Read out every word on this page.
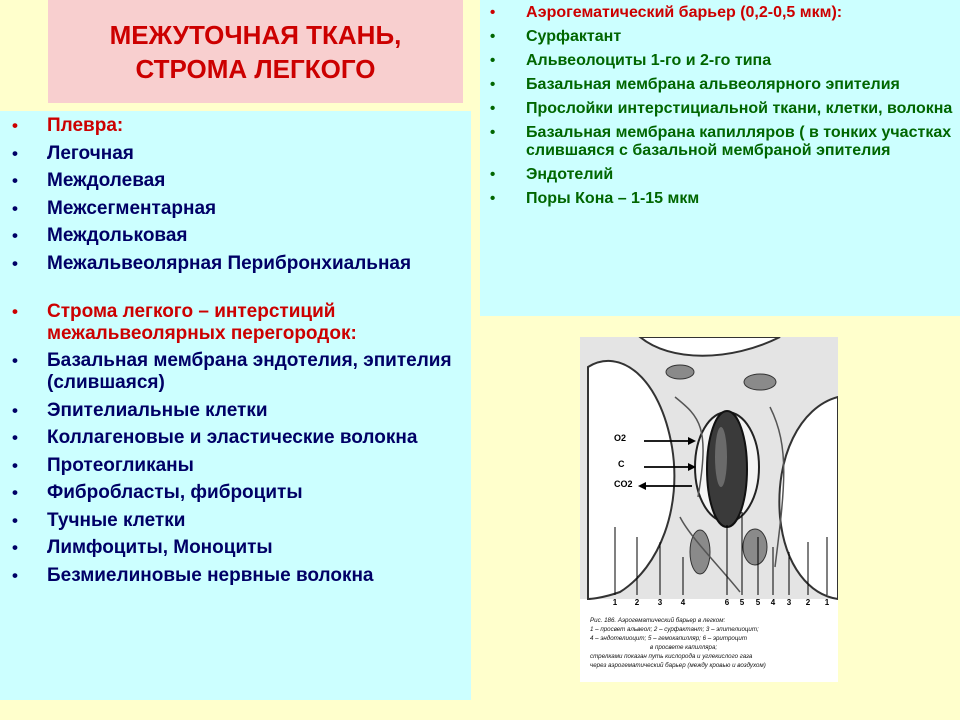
МЕЖУТОЧНАЯ ТКАНЬ,
СТРОМА ЛЕГКОГО
• Плевра:
• Легочная
• Междолевая
• Межсегментарная
• Междольковая
• Межальвеолярная Перибронхиальная
• Строма легкого – интерстиций межальвеолярных перегородок:
• Базальная мембрана эндотелия, эпителия (слившаяся)
• Эпителиальные клетки
• Коллагеновые и эластические волокна
• Протеогликаны
• Фибробласты, фиброциты
• Тучные клетки
• Лимфоциты, Моноциты
• Безмиелиновые нервные волокна
• Аэрогематический барьер (0,2-0,5 мкм):
• Сурфактант
• Альвеолоциты 1-го и 2-го типа
• Базальная мембрана альвеолярного эпителия
• Прослойки интерстициальной ткани, клетки, волокна
• Базальная мембрана капилляров ( в тонких участках слившаяся с базальной мембраной эпителия
• Эндотелий
• Поры Кона – 1-15 мкм
O2
C
CO2
1 2 3 4	6 5 5 4 3 2 1
Рис. 186. Аэрогематический барьер в легком:
1 – просвет альвеол; 2 – сурфактант; 3 – эпителиоцит;
4 – эндотелиоцит; 5 – гемокапилляр; 6 – эритроцит
в просвете капилляра;
стрелками показан путь кислорода и углекислого газа
через аэрогематический барьер (между кровью и воздухом)
